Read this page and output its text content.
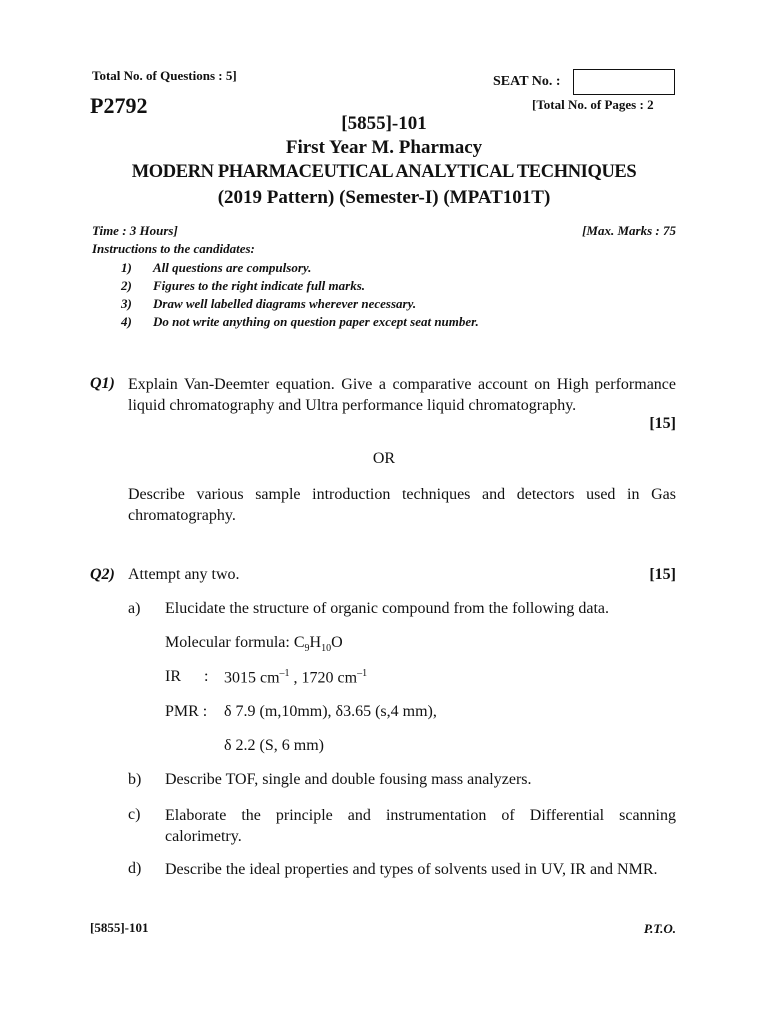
Total No. of Questions : 5]	SEAT No. :
P2792	[Total No. of Pages : 2
[5855]-101
First Year M. Pharmacy
MODERN PHARMACEUTICAL ANALYTICAL TECHNIQUES
(2019 Pattern) (Semester-I) (MPAT101T)
Time : 3 Hours]	[Max. Marks : 75
Instructions to the candidates:
1) All questions are compulsory.
2) Figures to the right indicate full marks.
3) Draw well labelled diagrams wherever necessary.
4) Do not write anything on question paper except seat number.
Q1) Explain Van-Deemter equation. Give a comparative account on High performance liquid chromatography and Ultra performance liquid chromatography.
[15]
OR
Describe various sample introduction techniques and detectors used in Gas chromatography.
Q2) Attempt any two.	[15]
a) Elucidate the structure of organic compound from the following data.
Molecular formula: $C_9H_{10}O$
IR : 3015 $cm^{-1}$ , 1720 $cm^{-1}$
PMR : δ 7.9 (m,10mm), δ3.65 (s,4 mm),
δ 2.2 (S, 6 mm)
b) Describe TOF, single and double fousing mass analyzers.
c) Elaborate the principle and instrumentation of Differential scanning calorimetry.
d) Describe the ideal properties and types of solvents used in UV, IR and NMR.
[5855]-101	P.T.O.
